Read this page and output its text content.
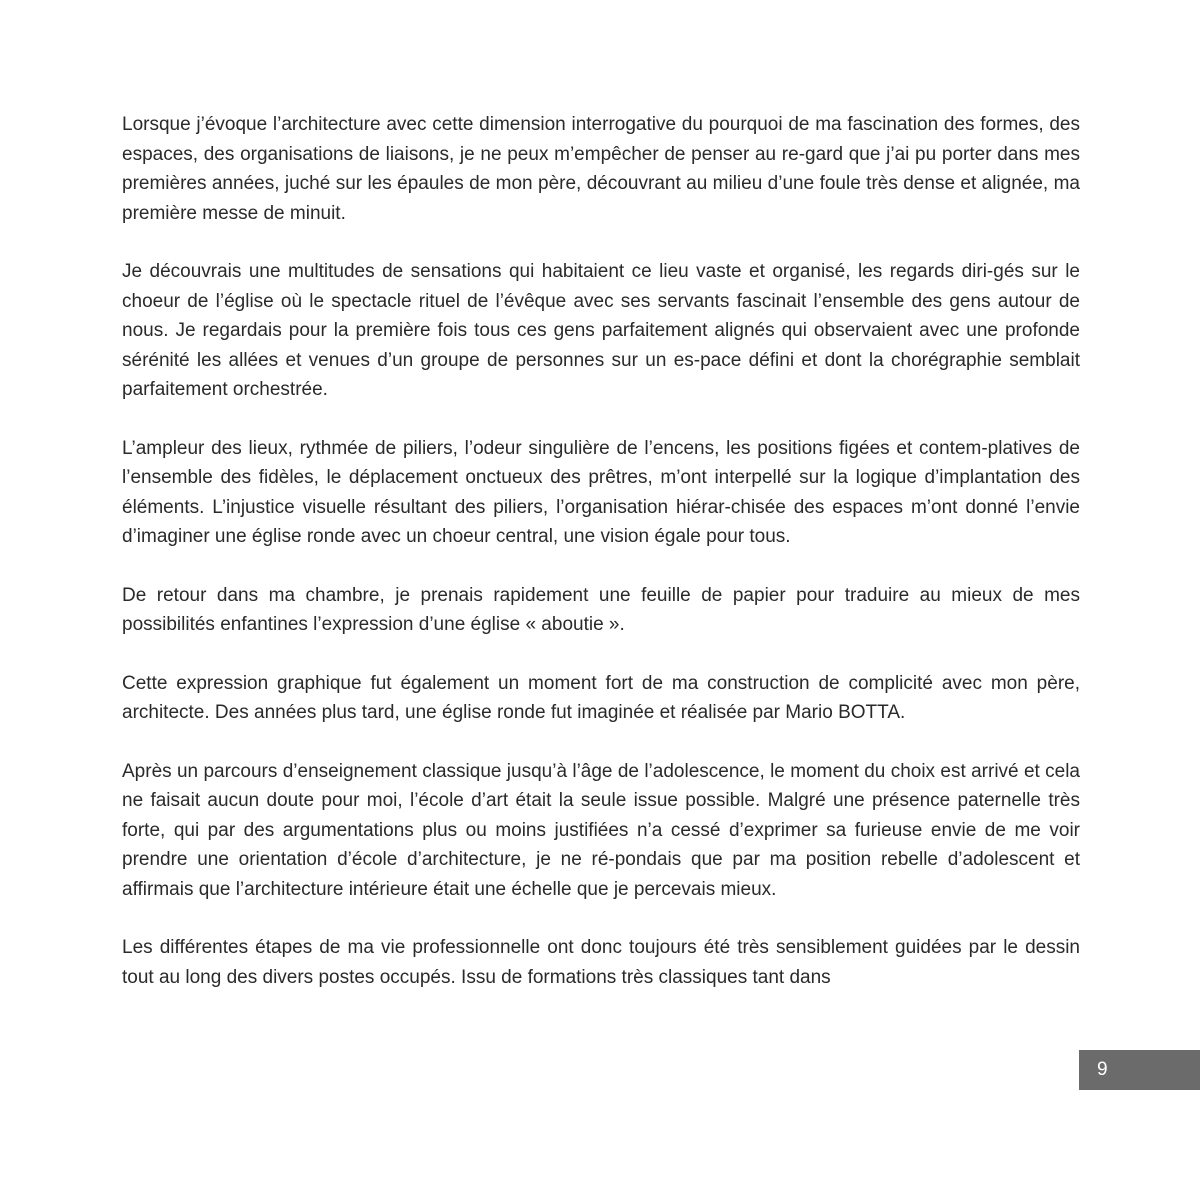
Lorsque j’évoque l’architecture avec cette dimension interrogative du pourquoi de ma fascination des formes, des espaces, des organisations de liaisons, je ne peux m’empêcher de penser au re-gard que j’ai pu porter dans mes premières années, juché sur les épaules de mon père, découvrant au milieu d’une foule très dense et alignée, ma première messe de minuit.

Je découvrais une multitudes de sensations qui habitaient ce lieu vaste et organisé, les regards diri-gés sur le choeur de l’église où le spectacle rituel de l’évêque avec ses servants fascinait l’ensemble des gens autour de nous. Je regardais pour la première fois tous ces gens parfaitement alignés qui observaient avec une profonde sérénité les allées et venues d’un groupe de personnes sur un es-pace défini et dont la chorégraphie semblait parfaitement orchestrée.

L’ampleur des lieux, rythmée de piliers, l’odeur singulière de l’encens, les positions figées et contem-platives de l’ensemble des fidèles, le déplacement onctueux des prêtres, m’ont interpellé sur la logique d’implantation des éléments. L’injustice visuelle résultant des piliers, l’organisation hiérar-chisée des espaces m’ont donné l’envie d’imaginer une église ronde avec un choeur central, une vision égale pour tous.

De retour dans ma chambre, je prenais rapidement une feuille de papier pour traduire au mieux de mes possibilités enfantines l’expression d’une église « aboutie ».

Cette expression graphique fut également un moment fort de ma construction de complicité avec mon père, architecte. Des années plus tard, une église ronde fut imaginée et réalisée par Mario BOTTA.

Après un parcours d’enseignement classique jusqu’à l’âge de l’adolescence, le moment du choix est arrivé et cela ne faisait aucun doute pour moi, l’école d’art était la seule issue possible. Malgré une présence paternelle très forte, qui par des argumentations plus ou moins justifiées n’a cessé d’exprimer sa furieuse envie de me voir prendre une orientation d’école d’architecture, je ne ré-pondais que par ma position rebelle d’adolescent et affirmais que l’architecture intérieure était une échelle que je percevais mieux.

Les différentes étapes de ma vie professionnelle ont donc toujours été très sensiblement guidées par le dessin tout au long des divers postes occupés. Issu de formations très classiques tant dans

9
